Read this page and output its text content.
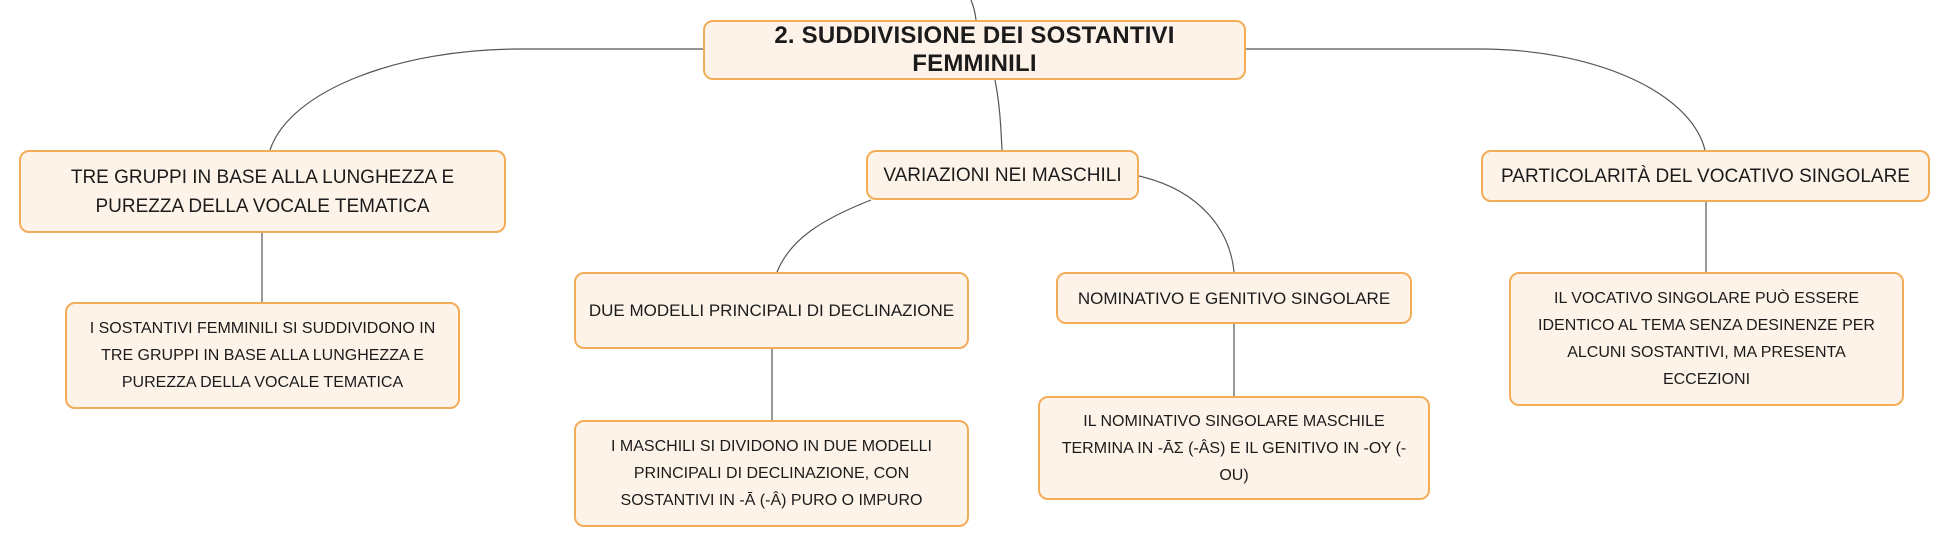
2. SUDDIVISIONE DEI SOSTANTIVI FEMMINILI
TRE GRUPPI IN BASE ALLA LUNGHEZZA E PUREZZA DELLA VOCALE TEMATICA
VARIAZIONI NEI MASCHILI	PARTICOLARITÀ DEL VOCATIVO SINGOLARE
I SOSTANTIVI FEMMINILI SI SUDDIVIDONO IN TRE GRUPPI IN BASE ALLA LUNGHEZZA E PUREZZA DELLA VOCALE TEMATICA
DUE MODELLI PRINCIPALI DI DECLINAZIONE
NOMINATIVO E GENITIVO SINGOLARE
I MASCHILI SI DIVIDONO IN DUE MODELLI PRINCIPALI DI DECLINAZIONE, CON SOSTANTIVI IN -Ᾱ (-Â) PURO O IMPURO
IL NOMINATIVO SINGOLARE MASCHILE TERMINA IN -ᾹΣ (-ÂS) E IL GENITIVO IN -ΟΥ (-OU)
IL VOCATIVO SINGOLARE PUÒ ESSERE IDENTICO AL TEMA SENZA DESINENZE PER ALCUNI SOSTANTIVI, MA PRESENTA ECCEZIONI
